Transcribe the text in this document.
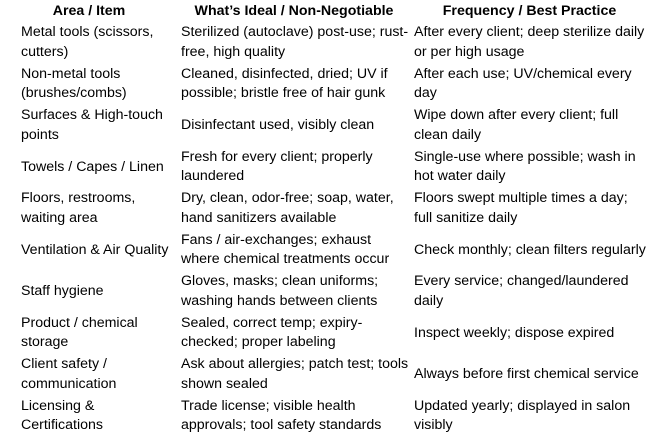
Area / Item	What’s Ideal / Non-Negotiable	Frequency / Best Practice

Metal tools (scissors, cutters)	Sterilized (autoclave) post-use; rust-free, high quality	After every client; deep sterilize daily or per high usage

Non-metal tools (brushes/combs)	Cleaned, disinfected, dried; UV if possible; bristle free of hair gunk	After each use; UV/chemical every day

Surfaces & High-touch points	Disinfectant used, visibly clean	Wipe down after every client; full clean daily

Towels / Capes / Linen	Fresh for every client; properly laundered	Single-use where possible; wash in hot water daily

Floors, restrooms, waiting area	Dry, clean, odor-free; soap, water, hand sanitizers available	Floors swept multiple times a day; full sanitize daily

Ventilation & Air Quality	Fans / air-exchanges; exhaust where chemical treatments occur	Check monthly; clean filters regularly

Staff hygiene	Gloves, masks; clean uniforms; washing hands between clients	Every service; changed/laundered daily

Product / chemical storage	Sealed, correct temp; expiry-checked; proper labeling	Inspect weekly; dispose expired

Client safety / communication	Ask about allergies; patch test; tools shown sealed	Always before first chemical service

Licensing & Certifications	Trade license; visible health approvals; tool safety standards	Updated yearly; displayed in salon visibly
